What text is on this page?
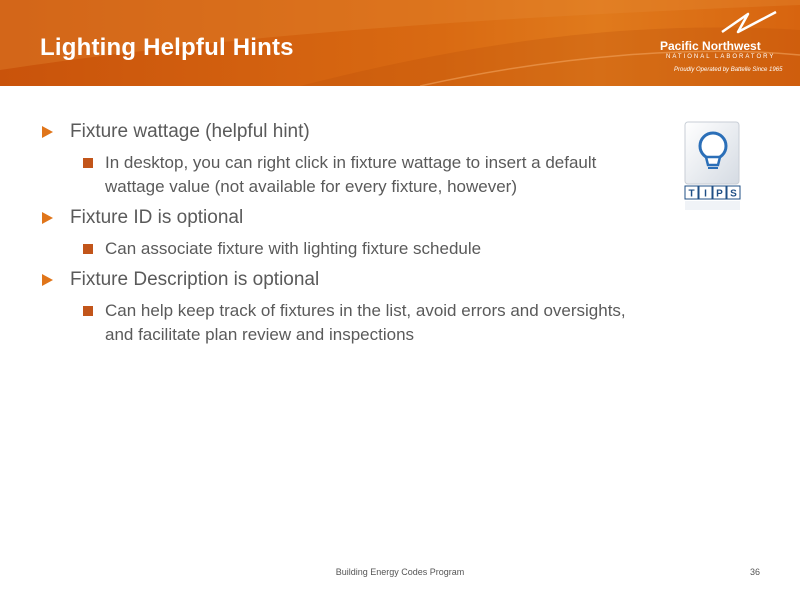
Lighting Helpful Hints	Pacific Northwest
NATIONAL LABORATORY
Proudly Operated by Battelle Since 1965
Fixture wattage (helpful hint)
In desktop, you can right click in fixture wattage to insert a default wattage value (not available for every fixture, however)
Fixture ID is optional
Can associate fixture with lighting fixture schedule
Fixture Description is optional
Can help keep track of fixtures in the list, avoid errors and oversights, and facilitate plan review and inspections
T I P S
Building Energy Codes Program	36
